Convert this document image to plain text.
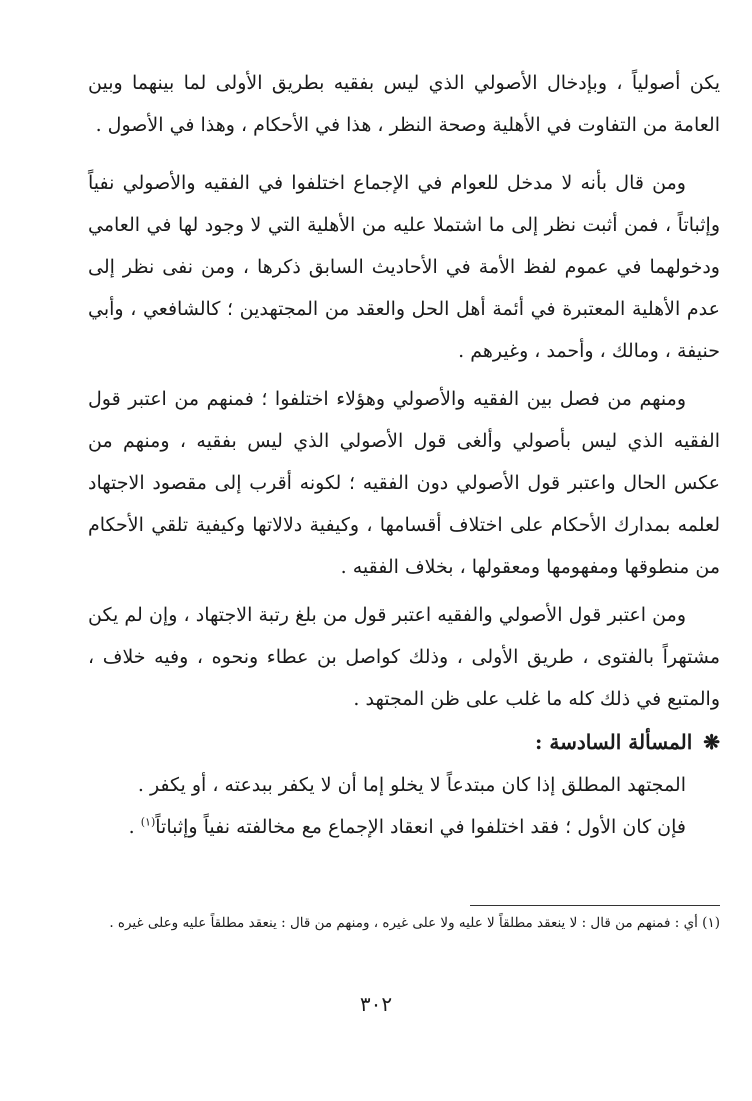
يكن أصولياً ، وبإدخال الأصولي الذي ليس بفقيه بطريق الأولى لما بينهما وبين العامة من التفاوت في الأهلية وصحة النظر ، هذا في الأحكام ، وهذا في الأصول .

ومن قال بأنه لا مدخل للعوام في الإجماع اختلفوا في الفقيه والأصولي نفياً وإثباتاً ، فمن أثبت نظر إلى ما اشتملا عليه من الأهلية التي لا وجود لها في العامي ودخولهما في عموم لفظ الأمة في الأحاديث السابق ذكرها ، ومن نفى نظر إلى عدم الأهلية المعتبرة في أئمة أهل الحل والعقد من المجتهدين ؛ كالشافعي ، وأبي حنيفة ، ومالك ، وأحمد ، وغيرهم .

ومنهم من فصل بين الفقيه والأصولي وهؤلاء اختلفوا ؛ فمنهم من اعتبر قول الفقيه الذي ليس بأصولي وألغى قول الأصولي الذي ليس بفقيه ، ومنهم من عكس الحال واعتبر قول الأصولي دون الفقيه ؛ لكونه أقرب إلى مقصود الاجتهاد لعلمه بمدارك الأحكام على اختلاف أقسامها ، وكيفية دلالاتها وكيفية تلقي الأحكام من منطوقها ومفهومها ومعقولها ، بخلاف الفقيه .

ومن اعتبر قول الأصولي والفقيه اعتبر قول من بلغ رتبة الاجتهاد ، وإن لم يكن مشتهراً بالفتوى ، طريق الأولى ، وذلك كواصل بن عطاء ونحوه ، وفيه خلاف ، والمتبع في ذلك كله ما غلب على ظن المجتهد .

❋ المسألة السادسة :

المجتهد المطلق إذا كان مبتدعاً لا يخلو إما أن لا يكفر ببدعته ، أو يكفر .

فإن كان الأول ؛ فقد اختلفوا في انعقاد الإجماع مع مخالفته نفياً وإثباتاً$^{(١)}$ .

(١) أي : فمنهم من قال : لا ينعقد مطلقاً لا عليه ولا على غيره ، ومنهم من قال : ينعقد مطلقاً عليه وعلى غيره .

٣٠٢
